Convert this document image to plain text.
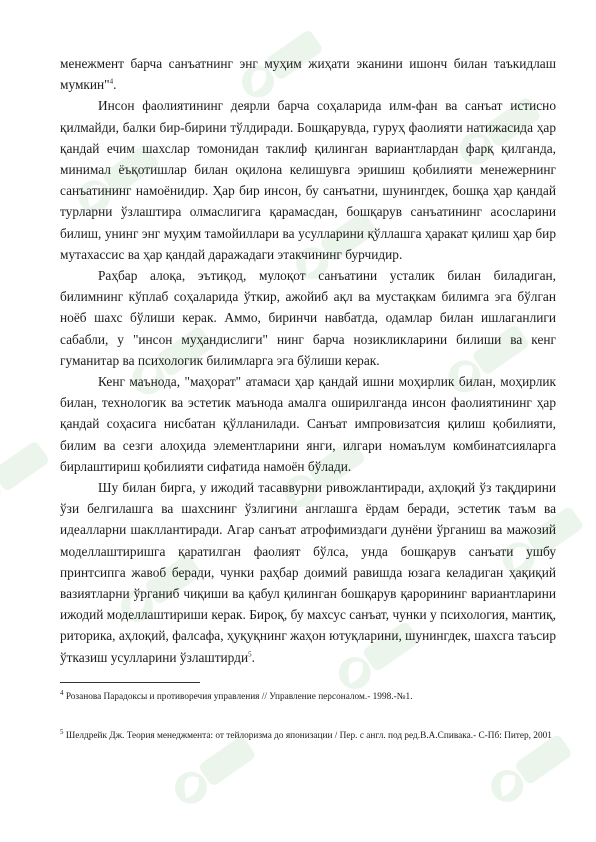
менежмент барча санъатнинг энг муҳим жиҳати эканини ишонч билан таъкидлаш мумкин"$^4$.

Инсон фаолиятининг деярли барча соҳаларида илм-фан ва санъат истисно қилмайди, балки бир-бирини тўлдиради. Бошқарувда, гуруҳ фаолияти натижасида ҳар қандай ечим шахслар томонидан таклиф қилинган вариантлардан фарқ қилганда, минимал ёъқотишлар билан оқилона келишувга эришиш қобилияти менежернинг санъатининг намоёнидир. Ҳар бир инсон, бу санъатни, шунингдек, бошқа ҳар қандай турларни ўзлаштира олмаслигига қарамасдан, бошқарув санъатининг асосларини билиш, унинг энг муҳим тамойиллари ва усулларини қўллашга ҳаракат қилиш ҳар бир мутахассис ва ҳар қандай даражадаги этакчининг бурчидир.

Раҳбар алоқа, эътиқод, мулоқот санъатини усталик билан биладиган, билимнинг кўплаб соҳаларида ўткир, ажойиб ақл ва мустақкам билимга эга бўлган ноёб шахс бўлиши керак. Аммо, биринчи навбатда, одамлар билан ишлаганлиги сабабли, у "инсон муҳандислиги" нинг барча нозикликларини билиши ва кенг гуманитар ва психологик билимларга эга бўлиши керак.

Кенг маънода, "маҳорат" атамаси ҳар қандай ишни моҳирлик билан, моҳирлик билан, технологик ва эстетик маънода амалга оширилганда инсон фаолиятининг ҳар қандай соҳасига нисбатан қўлланилади. Санъат импровизатсия қилиш қобилияти, билим ва сезги алоҳида элементларини янги, илгари номаълум комбинатсияларга бирлаштириш қобилияти сифатида намоён бўлади.

Шу билан бирга, у ижодий тасаввурни ривожлантиради, аҳлоқий ўз тақдирини ўзи белгилашга ва шахснинг ўзлигини англашга ёрдам беради, эстетик таъм ва идеалларни шакллантиради. Агар санъат атрофимиздаги дунёни ўрганиш ва мажозий моделлаштиришга қаратилган фаолият бўлса, унда бошқарув санъати ушбу принтсипга жавоб беради, чунки раҳбар доимий равишда юзага келадиган ҳақиқий вазиятларни ўрганиб чиқиши ва қабул қилинган бошқарув қарорининг вариантларини ижодий моделлаштириши керак. Бироқ, бу махсус санъат, чунки у психология, мантиқ, риторика, аҳлоқий, фалсафа, ҳуқуқнинг жаҳон ютуқларини, шунингдек, шахсга таъсир ўтказиш усулларини ўзлаштирди$^5$.

$^4$ Розанова Парадоксы и противоречия управления // Управление персоналом.- 1998.-№1.

$^5$ Шелдрейк Дж. Теория менеджмента: от тейлоризма до японизации / Пер. с англ. под ред.В.А.Спивака.- С-Пб: Питер, 2001
